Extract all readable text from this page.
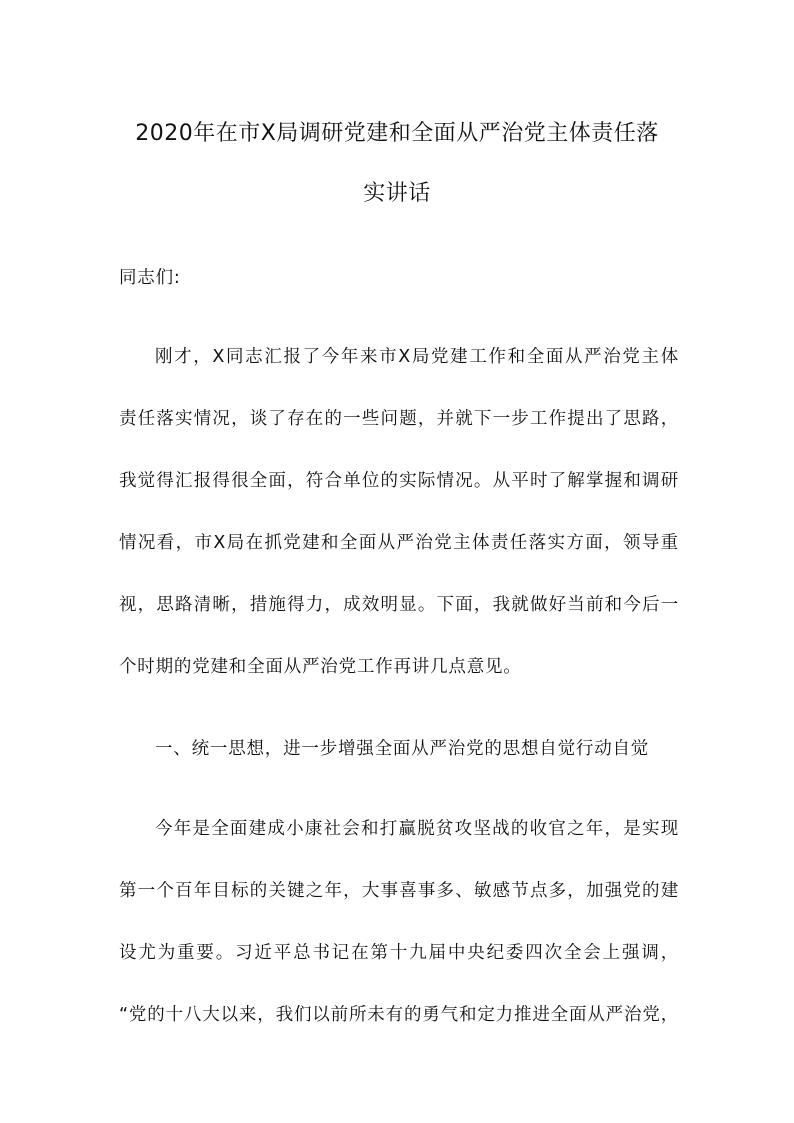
2020年在市X局调研党建和全面从严治党主体责任落
实讲话
同志们:
刚才，X同志汇报了今年来市X局党建工作和全面从严治党主体
责任落实情况，谈了存在的一些问题，并就下一步工作提出了思路，
我觉得汇报得很全面，符合单位的实际情况。从平时了解掌握和调研
情况看，市X局在抓党建和全面从严治党主体责任落实方面，领导重
视，思路清晰，措施得力，成效明显。下面，我就做好当前和今后一
个时期的党建和全面从严治党工作再讲几点意见。
一、统一思想，进一步增强全面从严治党的思想自觉行动自觉
今年是全面建成小康社会和打赢脱贫攻坚战的收官之年，是实现
第一个百年目标的关键之年，大事喜事多、敏感节点多，加强党的建
设尤为重要。习近平总书记在第十九届中央纪委四次全会上强调，
“党的十八大以来，我们以前所未有的勇气和定力推进全面从严治党，
